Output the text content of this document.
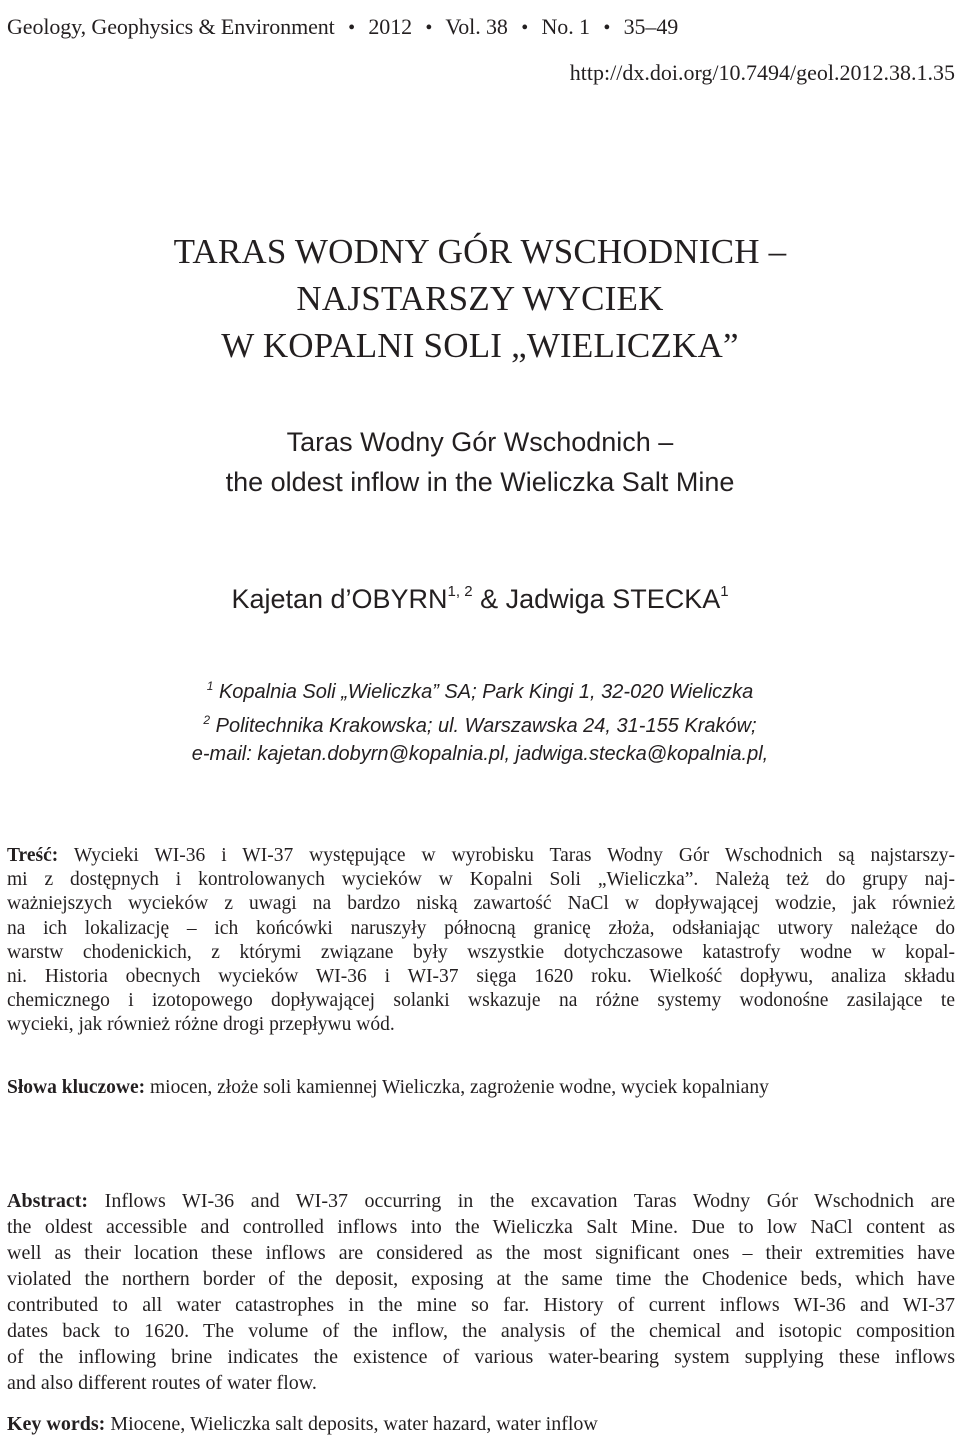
Geology, Geophysics & Environment • 2012 • Vol. 38 • No. 1 • 35–49
http://dx.doi.org/10.7494/geol.2012.38.1.35
TARAS WODNY GÓR WSCHODNICH –
NAJSTARSZY WYCIEK
W KOPALNI SOLI „WIELICZKA”
Taras Wodny Gór Wschodnich –
the oldest inflow in the Wieliczka Salt Mine
Kajetan d’OBYRN$^{1, 2}$ & Jadwiga STECKA$^1$
$^1$ Kopalnia Soli „Wieliczka” SA; Park Kingi 1, 32-020 Wieliczka
$^2$ Politechnika Krakowska; ul. Warszawska 24, 31-155 Kraków;
e-mail: kajetan.dobyrn@kopalnia.pl, jadwiga.stecka@kopalnia.pl,
Treść: Wycieki WI-36 i WI-37 występujące w wyrobisku Taras Wodny Gór Wschodnich są najstarszy-
mi z dostępnych i kontrolowanych wycieków w Kopalni Soli „Wieliczka”. Należą też do grupy naj-
ważniejszych wycieków z uwagi na bardzo niską zawartość NaCl w dopływającej wodzie, jak również
na ich lokalizację – ich końcówki naruszyły północną granicę złoża, odsłaniając utwory należące do
warstw chodenickich, z którymi związane były wszystkie dotychczasowe katastrofy wodne w kopal-
ni. Historia obecnych wycieków WI-36 i WI-37 sięga 1620 roku. Wielkość dopływu, analiza składu
chemicznego i izotopowego dopływającej solanki wskazuje na różne systemy wodonośne zasilające te
wycieki, jak również różne drogi przepływu wód.
Słowa kluczowe: miocen, złoże soli kamiennej Wieliczka, zagrożenie wodne, wyciek kopalniany
Abstract: Inflows WI-36 and WI-37 occurring in the excavation Taras Wodny Gór Wschodnich are
the oldest accessible and controlled inflows into the Wieliczka Salt Mine. Due to low NaCl content as
well as their location these inflows are considered as the most significant ones – their extremities have
violated the northern border of the deposit, exposing at the same time the Chodenice beds, which have
contributed to all water catastrophes in the mine so far. History of current inflows WI-36 and WI-37
dates back to 1620. The volume of the inflow, the analysis of the chemical and isotopic composition
of the inflowing brine indicates the existence of various water-bearing system supplying these inflows
and also different routes of water flow.
Key words: Miocene, Wieliczka salt deposits, water hazard, water inflow
